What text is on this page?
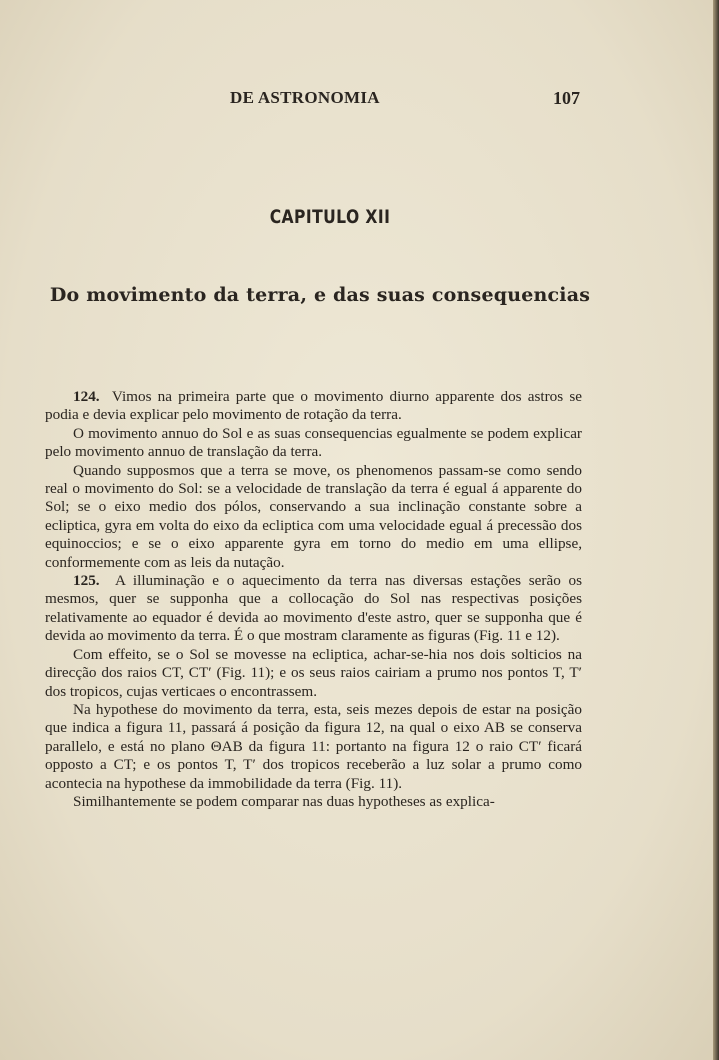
DE ASTRONOMIA	107
CAPITULO XII
Do movimento da terra, e das suas consequencias

124. Vimos na primeira parte que o movimento diurno apparente dos astros se podia e devia explicar pelo movimento de rotação da terra.

O movimento annuo do Sol e as suas consequencias egualmente se podem explicar pelo movimento annuo de translação da terra.

Quando supposmos que a terra se move, os phenomenos passam-se como sendo real o movimento do Sol: se a velocidade de translação da terra é egual á apparente do Sol; se o eixo medio dos pólos, conservando a sua inclinação constante sobre a ecliptica, gyra em volta do eixo da ecliptica com uma velocidade egual á precessão dos equinoccios; e se o eixo apparente gyra em torno do medio em uma ellipse, conformemente com as leis da nutação.

125. A illuminação e o aquecimento da terra nas diversas estações serão os mesmos, quer se supponha que a collocação do Sol nas respectivas posições relativamente ao equador é devida ao movimento d'este astro, quer se supponha que é devida ao movimento da terra. É o que mostram claramente as figuras (Fig. 11 e 12).

Com effeito, se o Sol se movesse na ecliptica, achar-se-hia nos dois solticios na direcção dos raios CT, CT′ (Fig. 11); e os seus raios cairiam a prumo nos pontos T, T′ dos tropicos, cujas verticaes o encontrassem.

Na hypothese do movimento da terra, esta, seis mezes depois de estar na posição que indica a figura 11, passará á posição da figura 12, na qual o eixo AB se conserva parallelo, e está no plano ΘAB da figura 11: portanto na figura 12 o raio CT′ ficará opposto a CT; e os pontos T, T′ dos tropicos receberão a luz solar a prumo como acontecia na hypothese da immobilidade da terra (Fig. 11).

Similhantemente se podem comparar nas duas hypotheses as explica-
